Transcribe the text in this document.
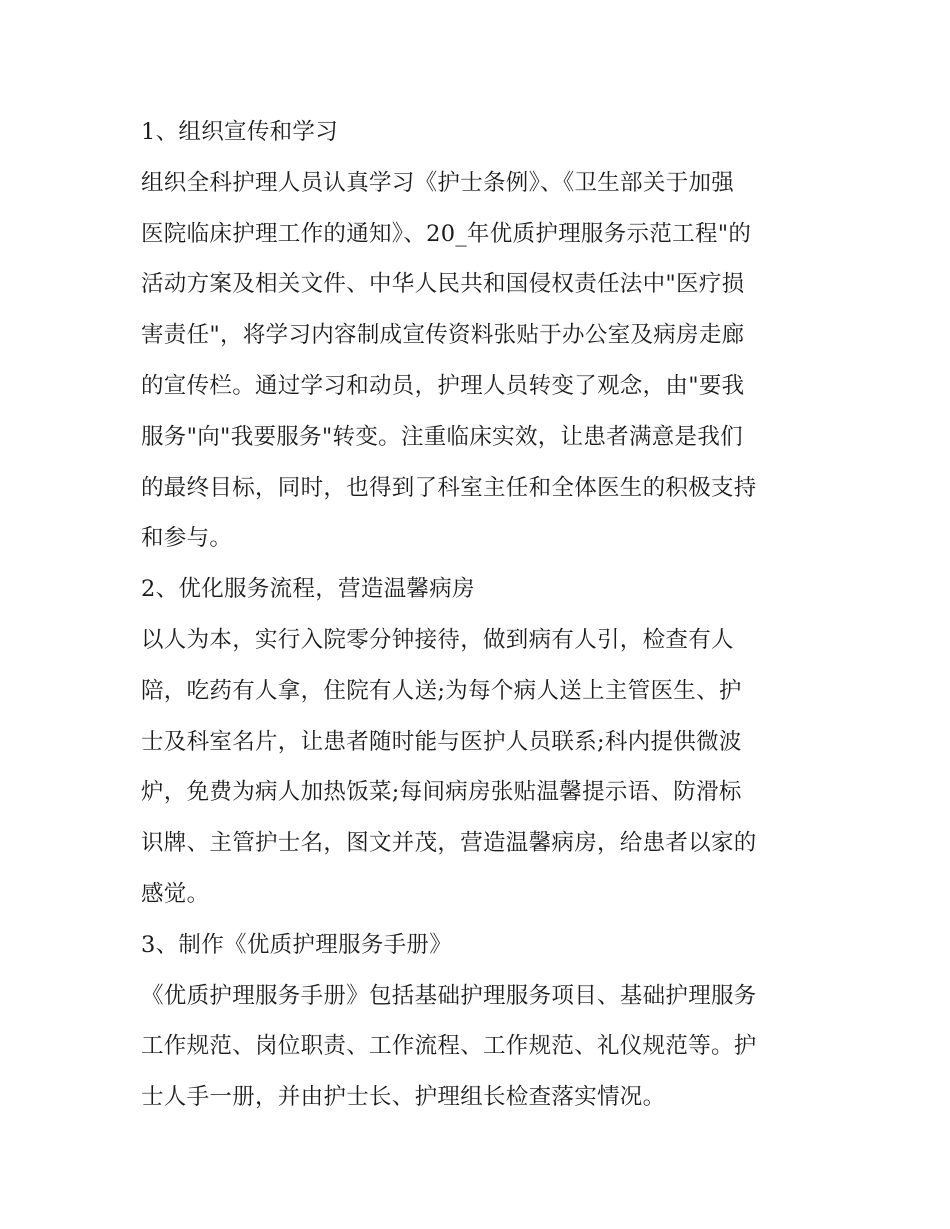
1、组织宣传和学习
组织全科护理人员认真学习《护士条例》、《卫生部关于加强
医院临床护理工作的通知》、20_年优质护理服务示范工程"的
活动方案及相关文件、中华人民共和国侵权责任法中"医疗损
害责任"，将学习内容制成宣传资料张贴于办公室及病房走廊
的宣传栏。通过学习和动员，护理人员转变了观念，由"要我
服务"向"我要服务"转变。注重临床实效，让患者满意是我们
的最终目标，同时，也得到了科室主任和全体医生的积极支持
和参与。
2、优化服务流程，营造温馨病房
以人为本，实行入院零分钟接待，做到病有人引，检查有人
陪，吃药有人拿，住院有人送;为每个病人送上主管医生、护
士及科室名片，让患者随时能与医护人员联系;科内提供微波
炉，免费为病人加热饭菜;每间病房张贴温馨提示语、防滑标
识牌、主管护士名，图文并茂，营造温馨病房，给患者以家的
感觉。
3、制作《优质护理服务手册》
《优质护理服务手册》包括基础护理服务项目、基础护理服务
工作规范、岗位职责、工作流程、工作规范、礼仪规范等。护
士人手一册，并由护士长、护理组长检查落实情况。
